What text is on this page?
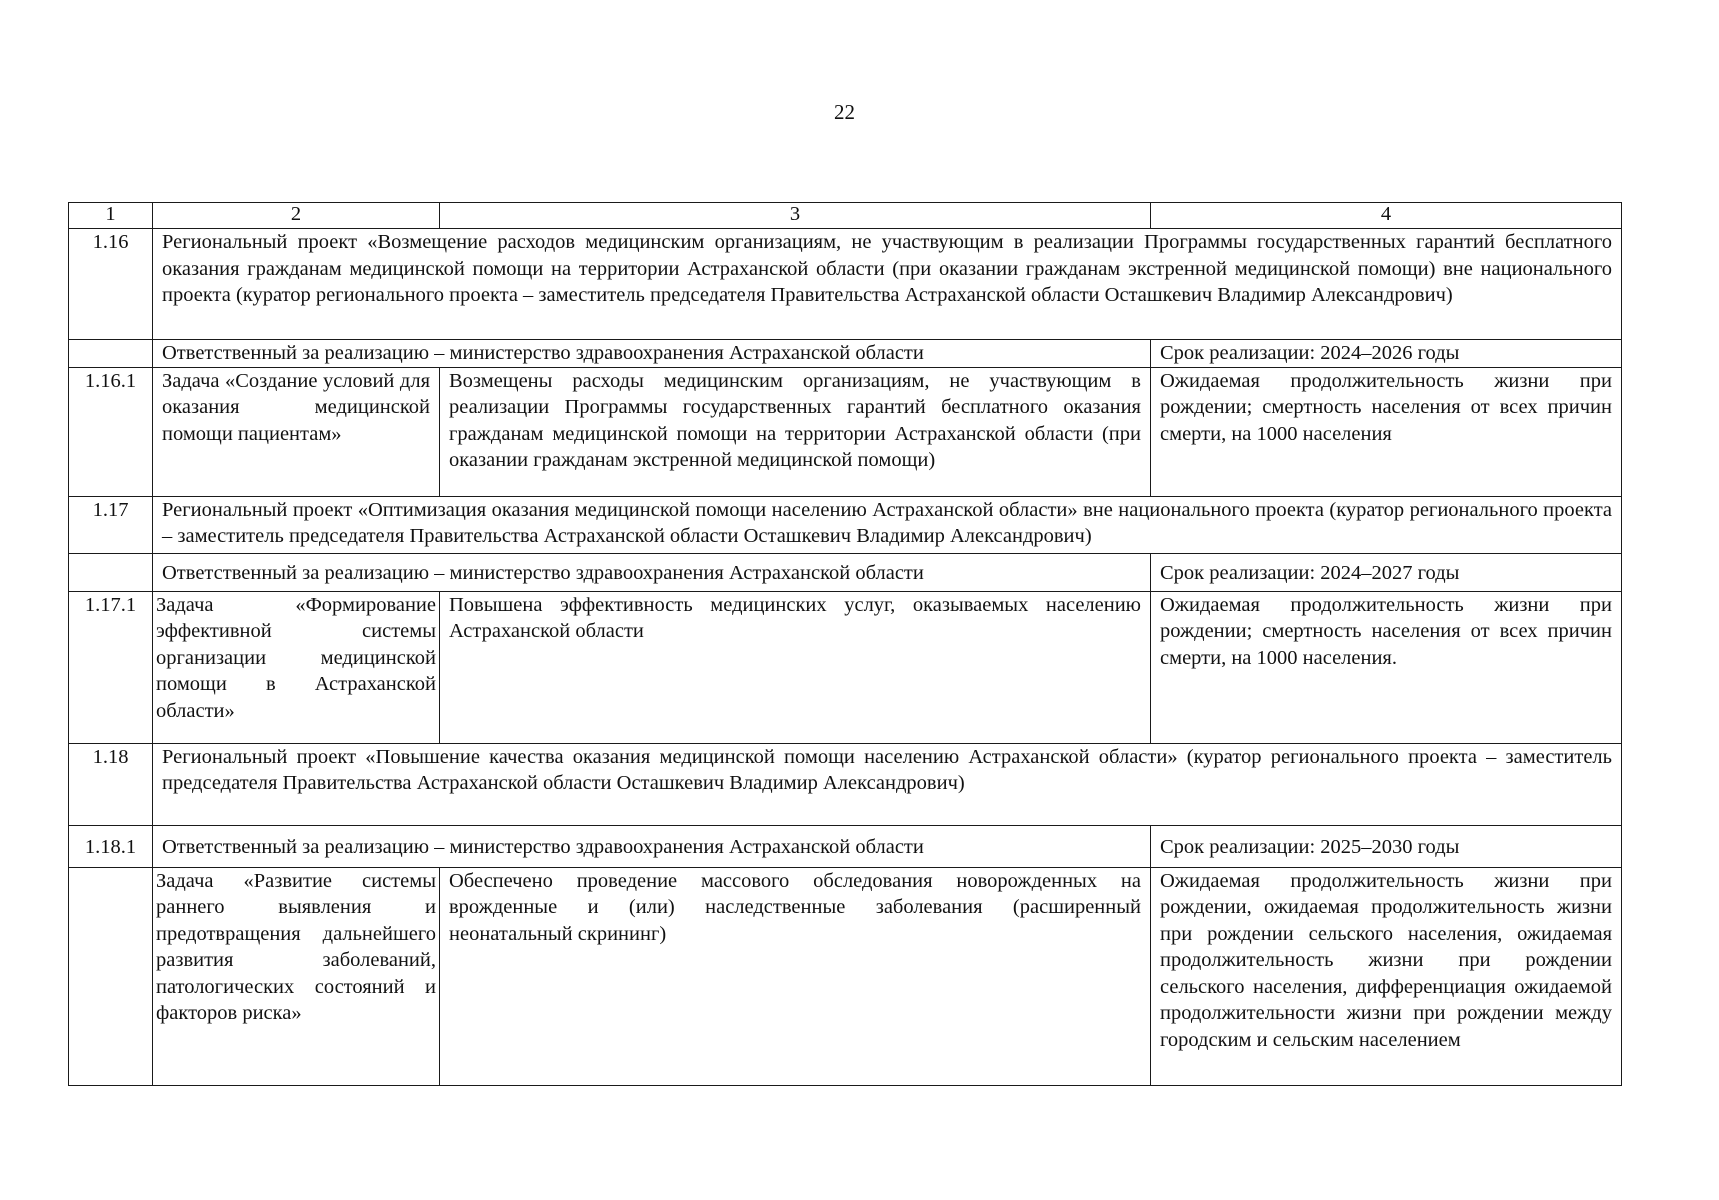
22
1	2	3	4
1.16	Региональный проект «Возмещение расходов медицинским организациям, не участвующим в реализации Программы государственных гарантий бесплатного оказания гражданам медицинской помощи на территории Астраханской области (при оказании гражданам экстренной медицинской помощи) вне национального проекта (куратор регионального проекта – заместитель председателя Правительства Астраханской области Осташкевич Владимир Александрович)		
	Ответственный за реализацию – министерство здравоохранения Астраханской области		Срок реализации: 2024–2026 годы
1.16.1	Задача «Создание условий для оказания медицинской помощи пациентам»	Возмещены расходы медицинским организациям, не участвующим в реализации Программы государственных гарантий бесплатного оказания гражданам медицинской помощи на территории Астраханской области (при оказании гражданам экстренной медицинской помощи)	Ожидаемая продолжительность жизни при рождении; смертность населения от всех причин смерти, на 1000 населения
1.17	Региональный проект «Оптимизация оказания медицинской помощи населению Астраханской области» вне национального проекта (куратор регионального проекта – заместитель председателя Правительства Астраханской области Осташкевич Владимир Александрович)		
	Ответственный за реализацию – министерство здравоохранения Астраханской области		Срок реализации: 2024–2027 годы
1.17.1	Задача «Формирование эффективной системы организации медицинской помощи в Астраханской области»	Повышена эффективность медицинских услуг, оказываемых населению Астраханской области	Ожидаемая продолжительность жизни при рождении; смертность населения от всех причин смерти, на 1000 населения.
1.18	Региональный проект «Повышение качества оказания медицинской помощи населению Астраханской области» (куратор регионального проекта – заместитель председателя Правительства Астраханской области Осташкевич Владимир Александрович)		
1.18.1	Ответственный за реализацию – министерство здравоохранения Астраханской области		Срок реализации: 2025–2030 годы
	Задача «Развитие системы раннего выявления и предотвращения дальнейшего развития заболеваний, патологических состояний и факторов риска»	Обеспечено проведение массового обследования новорожденных на врожденные и (или) наследственные заболевания (расширенный неонатальный скрининг)	Ожидаемая продолжительность жизни при рождении, ожидаемая продолжительность жизни при рождении сельского населения, ожидаемая продолжительность жизни при рождении сельского населения, дифференциация ожидаемой продолжительности жизни при рождении между городским и сельским населением
